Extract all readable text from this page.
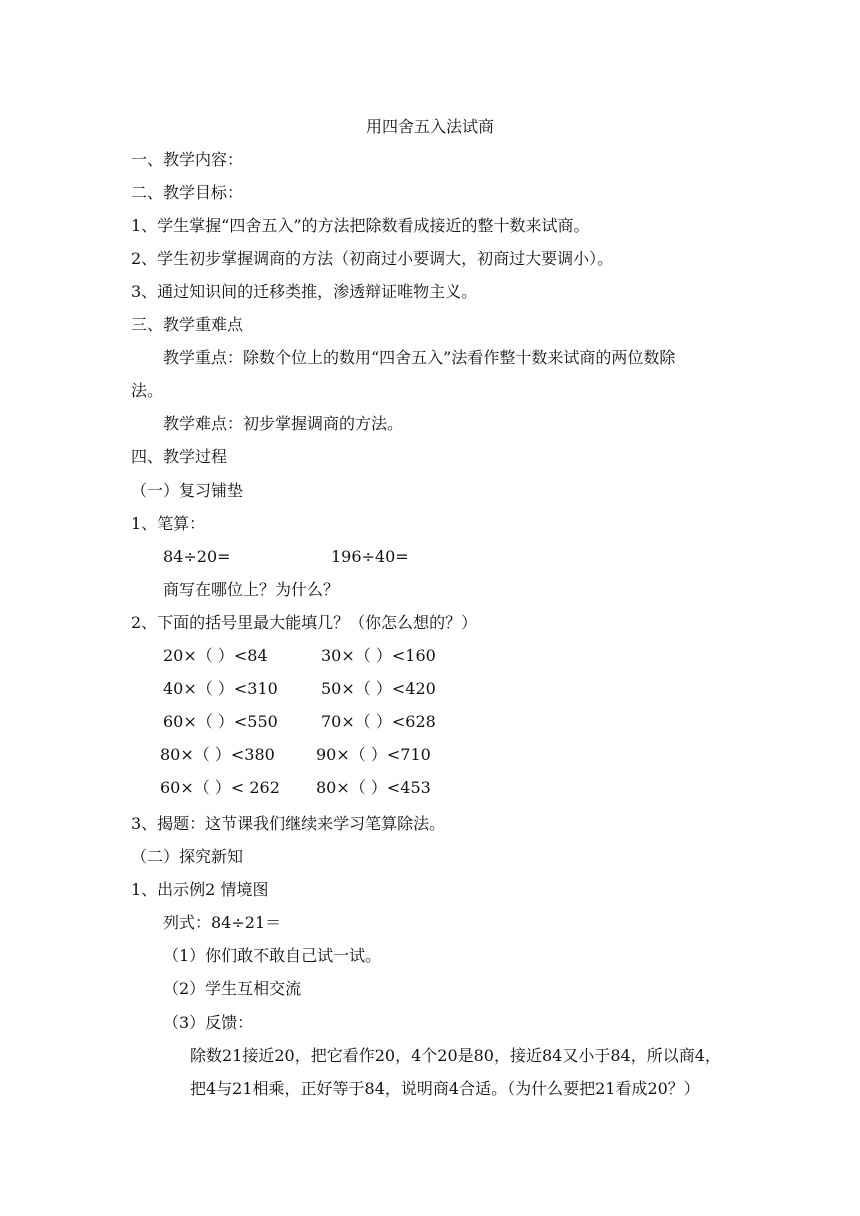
用四舍五入法试商
一、教学内容：
二、教学目标：
1、学生掌握“四舍五入”的方法把除数看成接近的整十数来试商。
2、学生初步掌握调商的方法（初商过小要调大，初商过大要调小）。
3、通过知识间的迁移类推，渗透辩证唯物主义。
三、教学重难点
教学重点：除数个位上的数用“四舍五入”法看作整十数来试商的两位数除
法。
教学难点：初步掌握调商的方法。
四、教学过程
（一）复习铺垫
1、笔算：
84÷20=	196÷40=
商写在哪位上？为什么？
2、下面的括号里最大能填几？（你怎么想的？）
20×（ ）<84	30×（ ）<160
40×（ ）<310	50×（ ）<420
60×（ ）<550	70×（ ）<628
80×（ ）<380	90×（ ）<710
60×（ ）< 262 80×（ ）<453
3、揭题：这节课我们继续来学习笔算除法。
（二）探究新知
1、出示例2 情境图
列式：84÷21＝
（1）你们敢不敢自己试一试。
（2）学生互相交流
（3）反馈：
除数21接近20，把它看作20，4个20是80，接近84又小于84，所以商4，
把4与21相乘，正好等于84，说明商4合适。（为什么要把21看成20？）
